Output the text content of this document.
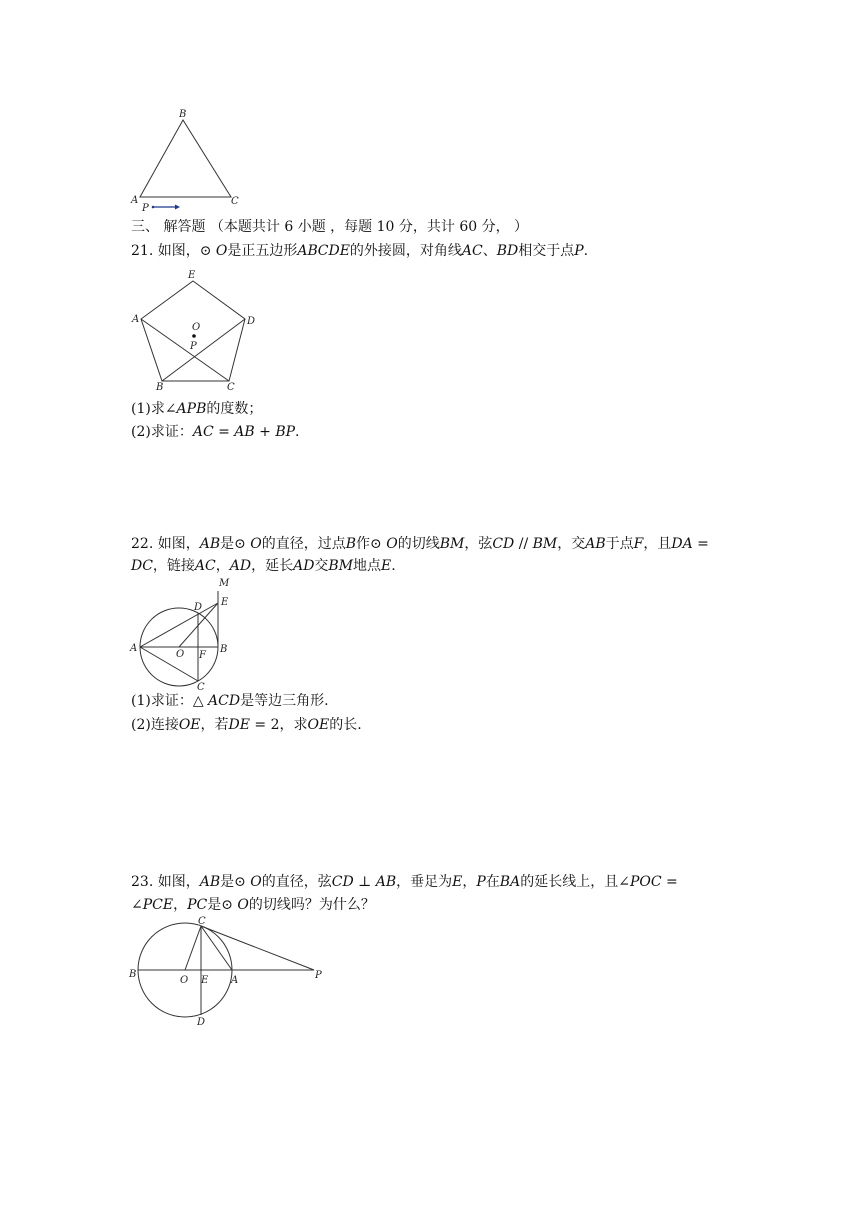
B
A	C
P
三、 解答题 （本题共计 6 小题 ，每题 10 分，共计 60 分， ）
21. 如图，⊙ 𝑂是正五边形𝐴𝐵𝐶𝐷𝐸的外接圆，对角线𝐴𝐶、𝐵𝐷相交于点𝑃.
E
A	D
O
P
B	C
(1)求∠𝐴𝑃𝐵的度数；
(2)求证：𝐴𝐶 = 𝐴𝐵 + 𝐵𝑃.
22. 如图，𝐴𝐵是⊙ 𝑂的直径，过点𝐵作⊙ 𝑂的切线𝐵𝑀，弦𝐶𝐷 // 𝐵𝑀，交𝐴𝐵于点𝐹，且𝐷𝐴 =
𝐷𝐶，链接𝐴𝐶，𝐴𝐷，延长𝐴𝐷交𝐵𝑀地点𝐸.
M
D E
A
O F
B
C
(1)求证：△ 𝐴𝐶𝐷是等边三角形.
(2)连接𝑂𝐸，若𝐷𝐸 = 2，求𝑂𝐸的长.
23. 如图，𝐴𝐵是⊙ 𝑂的直径，弦𝐶𝐷 ⊥ 𝐴𝐵，垂足为𝐸，𝑃在𝐵𝐴的延长线上，且∠𝑃𝑂𝐶 =
∠𝑃𝐶𝐸，𝑃𝐶是⊙ 𝑂的切线吗？为什么？
C
B
O E A	P
D
